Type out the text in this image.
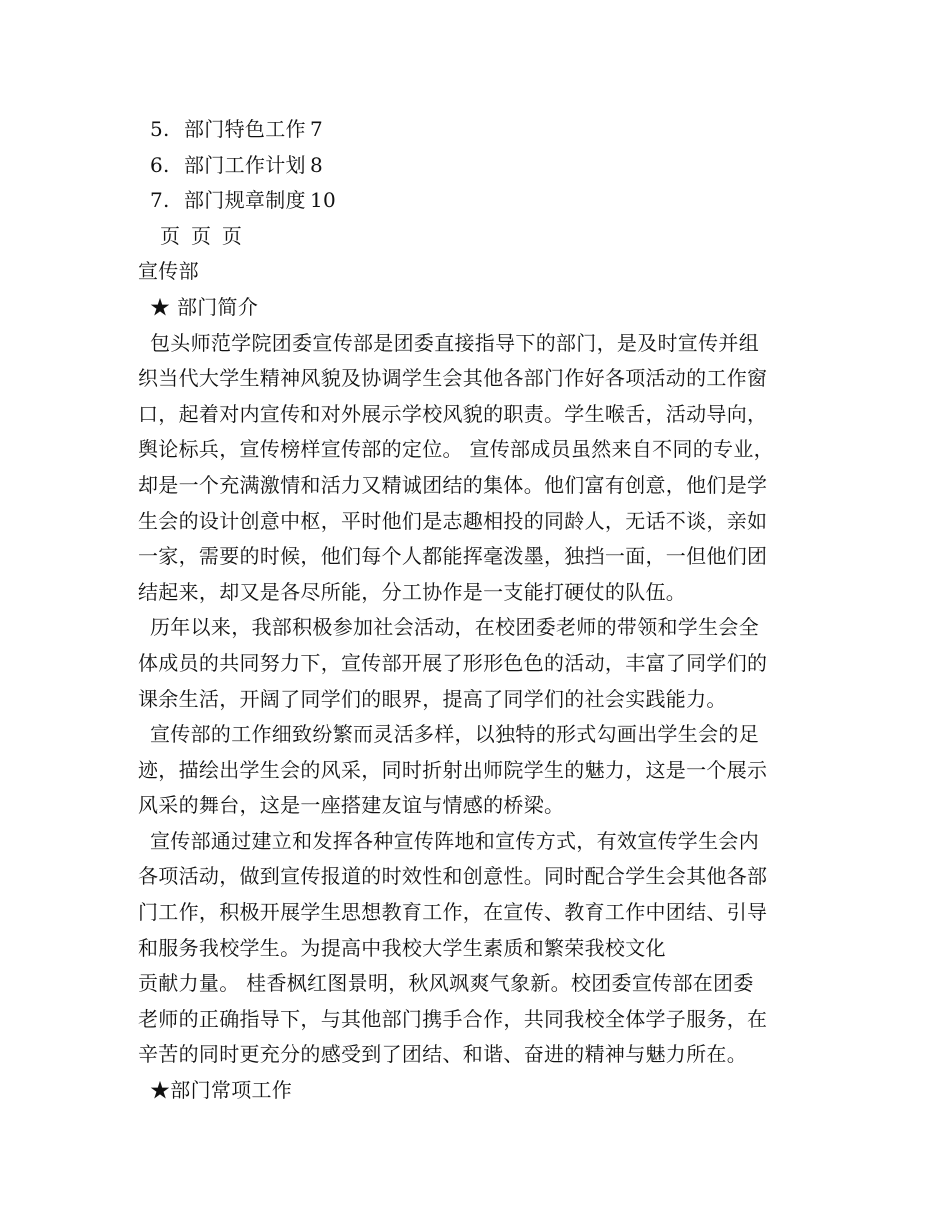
5. 部门特色工作 7
6. 部门工作计划 8
7. 部门规章制度 10
页 页 页
宣传部
★ 部门简介
包头师范学院团委宣传部是团委直接指导下的部门，是及时宣传并组
织当代大学生精神风貌及协调学生会其他各部门作好各项活动的工作窗
口，起着对内宣传和对外展示学校风貌的职责。学生喉舌，活动导向，
舆论标兵，宣传榜样宣传部的定位。 宣传部成员虽然来自不同的专业，
却是一个充满激情和活力又精诚团结的集体。他们富有创意，他们是学
生会的设计创意中枢，平时他们是志趣相投的同龄人，无话不谈，亲如
一家，需要的时候，他们每个人都能挥毫泼墨，独挡一面，一但他们团
结起来，却又是各尽所能，分工协作是一支能打硬仗的队伍。
历年以来，我部积极参加社会活动，在校团委老师的带领和学生会全
体成员的共同努力下，宣传部开展了形形色色的活动，丰富了同学们的
课余生活，开阔了同学们的眼界，提高了同学们的社会实践能力。
宣传部的工作细致纷繁而灵活多样，以独特的形式勾画出学生会的足
迹，描绘出学生会的风采，同时折射出师院学生的魅力，这是一个展示
风采的舞台，这是一座搭建友谊与情感的桥梁。
宣传部通过建立和发挥各种宣传阵地和宣传方式，有效宣传学生会内
各项活动，做到宣传报道的时效性和创意性。同时配合学生会其他各部
门工作，积极开展学生思想教育工作，在宣传、教育工作中团结、引导
和服务我校学生。为提高中我校大学生素质和繁荣我校文化
贡献力量。 桂香枫红图景明，秋风飒爽气象新。校团委宣传部在团委
老师的正确指导下，与其他部门携手合作，共同我校全体学子服务，在
辛苦的同时更充分的感受到了团结、和谐、奋进的精神与魅力所在。
★部门常项工作
